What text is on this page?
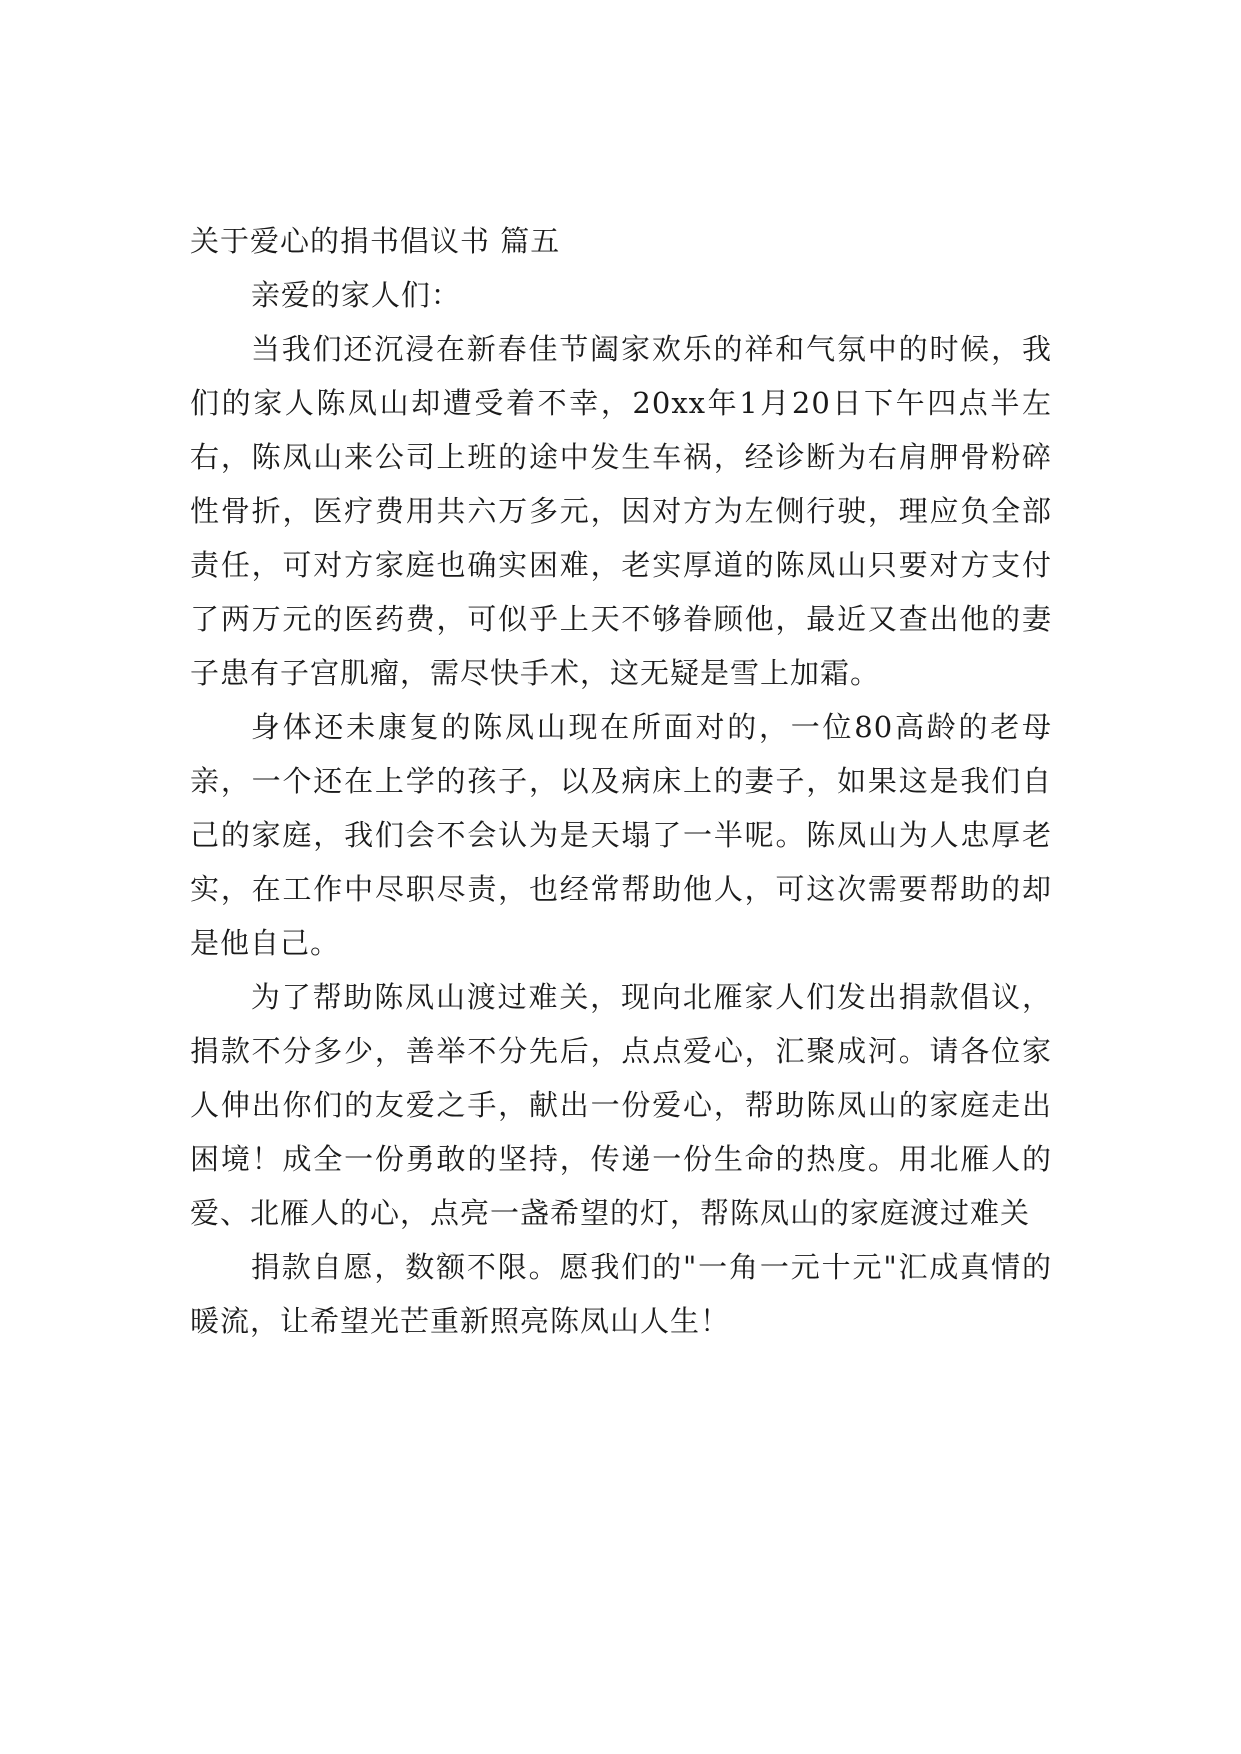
关于爱心的捐书倡议书 篇五

亲爱的家人们：

当我们还沉浸在新春佳节阖家欢乐的祥和气氛中的时候，我们的家人陈凤山却遭受着不幸，20xx年1月20日下午四点半左右，陈凤山来公司上班的途中发生车祸，经诊断为右肩胛骨粉碎性骨折，医疗费用共六万多元，因对方为左侧行驶，理应负全部责任，可对方家庭也确实困难，老实厚道的陈凤山只要对方支付了两万元的医药费，可似乎上天不够眷顾他，最近又查出他的妻子患有子宫肌瘤，需尽快手术，这无疑是雪上加霜。

身体还未康复的陈凤山现在所面对的，一位80高龄的老母亲，一个还在上学的孩子，以及病床上的妻子，如果这是我们自己的家庭，我们会不会认为是天塌了一半呢。陈凤山为人忠厚老实，在工作中尽职尽责，也经常帮助他人，可这次需要帮助的却是他自己。

为了帮助陈凤山渡过难关，现向北雁家人们发出捐款倡议，捐款不分多少，善举不分先后，点点爱心，汇聚成河。请各位家人伸出你们的友爱之手，献出一份爱心，帮助陈凤山的家庭走出困境！成全一份勇敢的坚持，传递一份生命的热度。用北雁人的爱、北雁人的心，点亮一盏希望的灯，帮陈凤山的家庭渡过难关

捐款自愿，数额不限。愿我们的"一角一元十元"汇成真情的暖流，让希望光芒重新照亮陈凤山人生！
